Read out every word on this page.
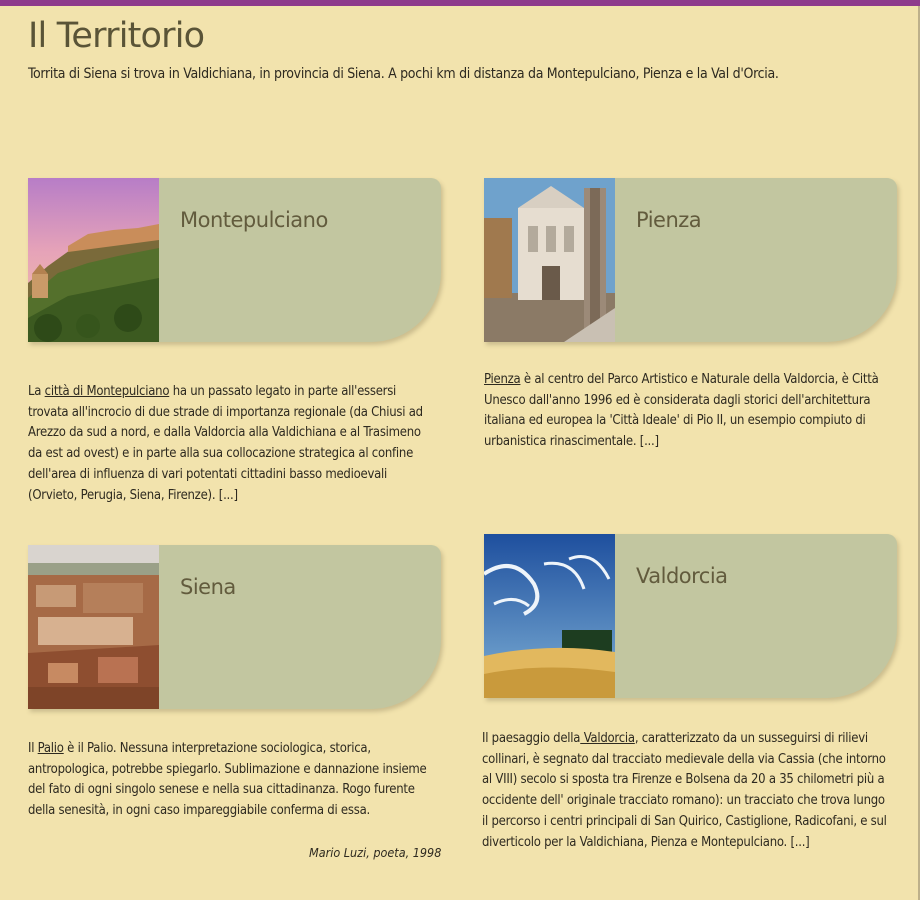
Il Territorio
Torrita di Siena si trova in Valdichiana, in provincia di Siena. A pochi km di distanza da Montepulciano, Pienza e la Val d'Orcia.
Montepulciano
La città di Montepulciano ha un passato legato in parte all'essersi trovata all'incrocio di due strade di importanza regionale (da Chiusi ad Arezzo da sud a nord, e dalla Valdorcia alla Valdichiana e al Trasimeno da est ad ovest) e in parte alla sua collocazione strategica al confine dell'area di influenza di vari potentati cittadini basso medioevali (Orvieto, Perugia, Siena, Firenze). [...]
Pienza
Pienza è al centro del Parco Artistico e Naturale della Valdorcia, è Città Unesco dall'anno 1996 ed è considerata dagli storici dell'architettura italiana ed europea la 'Città Ideale' di Pio II, un esempio compiuto di urbanistica rinascimentale. [...]
Siena
Il Palio è il Palio. Nessuna interpretazione sociologica, storica, antropologica, potrebbe spiegarlo. Sublimazione e dannazione insieme del fato di ogni singolo senese e nella sua cittadinanza. Rogo furente della senesità, in ogni caso impareggiabile conferma di essa.
Mario Luzi, poeta, 1998
Valdorcia
Il paesaggio della Valdorcia, caratterizzato da un susseguirsi di rilievi collinari, è segnato dal tracciato medievale della via Cassia (che intorno al VIII) secolo si sposta tra Firenze e Bolsena da 20 a 35 chilometri più a occidente dell' originale tracciato romano): un tracciato che trova lungo il percorso i centri principali di San Quirico, Castiglione, Radicofani, e sul diverticolo per la Valdichiana, Pienza e Montepulciano. [...]
